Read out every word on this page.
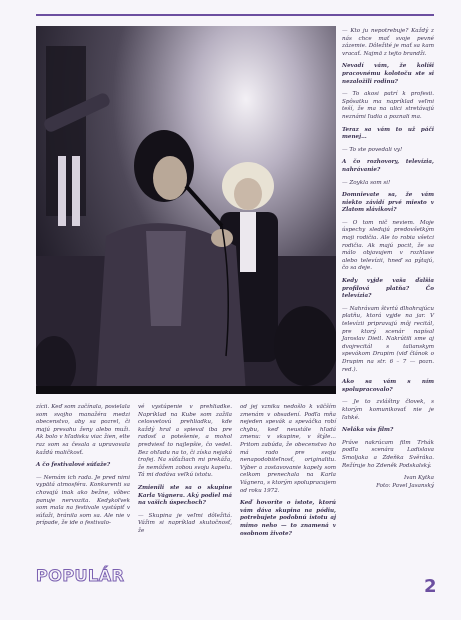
— Kto ju nepotrebuje? Každý z nás chce mať svoje pevné zázemie. Dôležité je mať sa kam vracať. Najmä z tejto brandži.

Nevadí vám, že kolíši pracovnému kolotoču ste si nezaložili rodinu?

— To akosi patrí k profesii. Spôsatku ma napríklad veľmi teší, že ma na ulici stretávajú neznámi ľudia a poznali ma.

Teraz sa vám to už páči menej…

— To ste povedali vy!

A čo rozhovory, televízia, nahrávanie?

— Zoykla som si!

Domnievate sa, že vám niekto závidí prvé miesto v Zlatom slávikovi?

— O tom nič neviem. Moje úspechy sledujú predovšetkým moji rodičia. Ale to robia všetci rodičia. Ak majú pocit, že sa málo objavujem v rozhlase alebo televízii, hneď sa pýtajú, čo sa deje.

Kedy vyjde vaša ďalšia profilová platňa? Čo televízia?

— Nahrávam štvrtú dlhohrajúcu platňu, ktorá vyjde na jar. V televízii pripravujú môj recitál, pre ktorý scenár napísal Jaroslav Dietl. Nakrútili sme aj dvojrecitál s talianskym spevákom Drupim (viď článok o Drupim na str. 6 – 7 — pozn. red.).

Ako sa vám s ním spolupracovalo?

— Je to zvláštny človek, s ktorým komunikovať nie je ľahké.

Nelákа vás film?

Práve nakrúcam film Trhák podľa scenára Ladislava Smoljaka a Zdeňka Svěráka. Režíruje ho Zdeněk Podskalský.

Ivan Kytka
Foto: Pavel Jasanský

zícii. Keď som začínala, posielala som svojho manažéra medzi obecenstvo, aby sa pozrel, či majú presahu ženy alebo muži. Ak bolo v hľadisku viac žien, elte raz som sa česala a upravovala každú maličkosť.

A čo festivalové súťaže?

— Nemám ich rada. Je pred nimi vypätá atmosféra. Konkurenti sa chovajú inak ako bežne, vôbec panuje nervozita. Kedykoľvek som mala na festivale vystúpiť v súťaži, bránila som sa. Ale nie v prípade, že ide o festivalo-

vé vystúpenie v prehliadke. Napríklad na Kube som zažila celosvetovú prehliadku, kde každý hral a spieval iba pre radosť a potešenie, a mohol predviesť to najlepšie, čo vedel. Bez ohľadu na to, či získa nejakú trofej. Na súťažiach mi prekáža, že nemôžem zobou svoju kapelu. Tá mi dodáva veľkú istotu.

Zmienili ste sa o skupine Karla Vágnera. Aký podiel má na vašich úspechoch?

— Skupina je veľmi dôležitá. Vážim si napríklad skutočnosť, že

od jej vzniku nedošlo k väčším zmenám v obsadení. Podľa mňa nejeden spevák a speváčka robí chybu, keď neustále hľadá zmenu: v skupine, v štýle… Pritom zabúda, že obecenstvo ho má rado pre svoju nenapodobiteľnosť, originalitu. Výber a zostavovanie kapely som celkom prenechala na Karla Vágnera, s ktorým spolupracujem od roku 1972.

Keď hovoríte o istote, ktorú vám dáva skupina na pódiu, potrebujete podobnú istotu aj mimo neho — to znamená v osobnom živote?

POPULÁR
2
